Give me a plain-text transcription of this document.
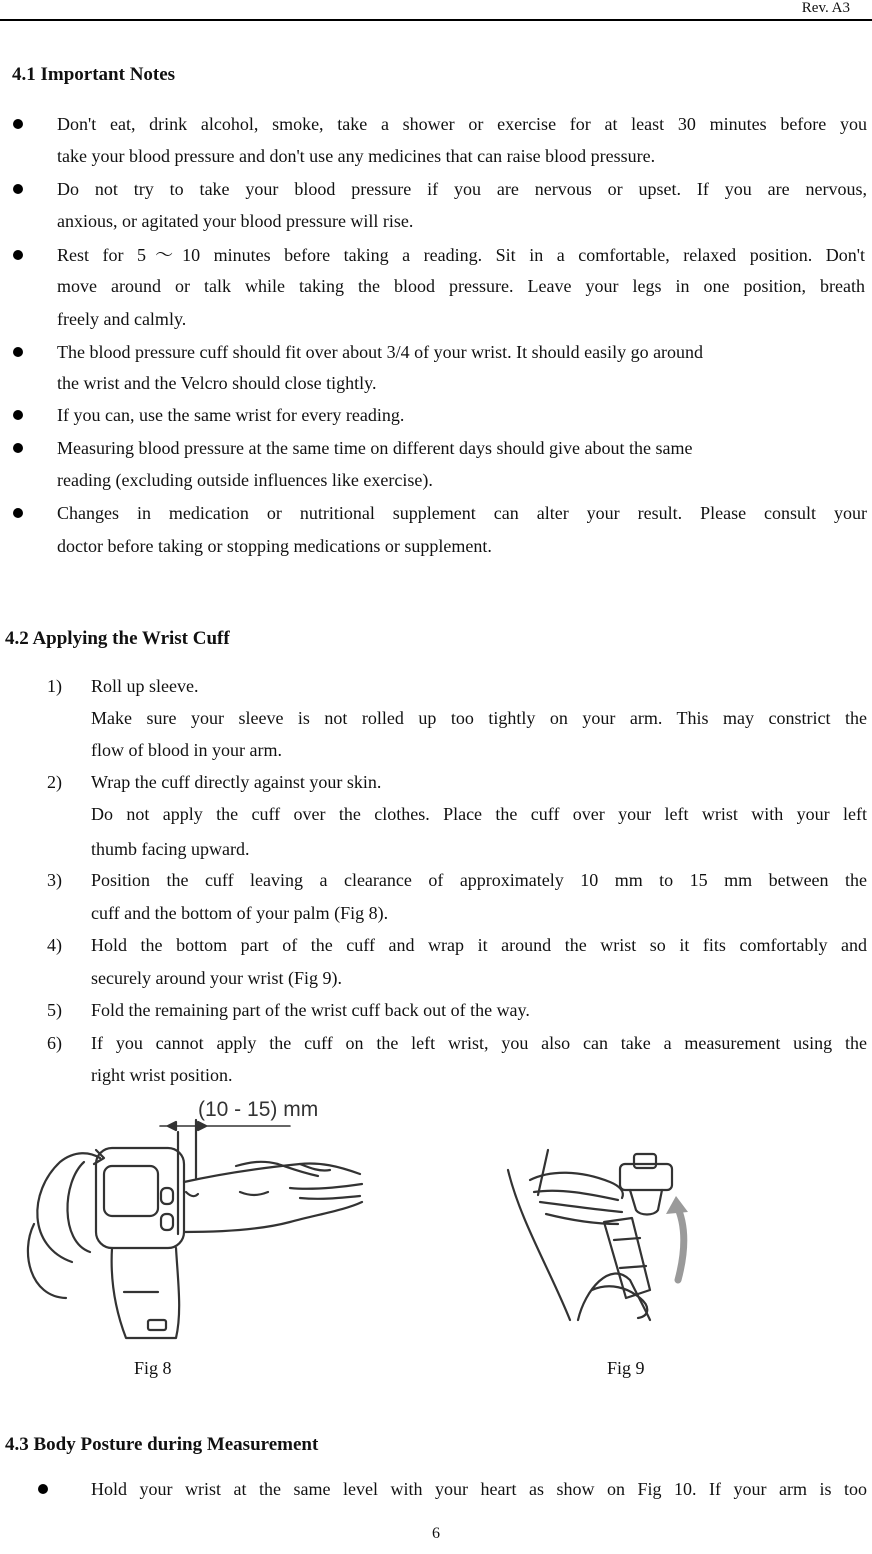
Rev. A3
4.1 Important Notes
Don't eat, drink alcohol, smoke, take a shower or exercise for at least 30 minutes before you
take your blood pressure and don't use any medicines that can raise blood pressure.
Do not try to take your blood pressure if you are nervous or upset. If you are nervous,
anxious, or agitated your blood pressure will rise.
Rest for 5～10 minutes before taking a reading. Sit in a comfortable, relaxed position. Don't
move around or talk while taking the blood pressure. Leave your legs in one position, breath
freely and calmly.
The blood pressure cuff should fit over about 3/4 of your wrist. It should easily go around
the wrist and the Velcro should close tightly.
If you can, use the same wrist for every reading.
Measuring blood pressure at the same time on different days should give about the same
reading (excluding outside influences like exercise).
Changes in medication or nutritional supplement can alter your result. Please consult your
doctor before taking or stopping medications or supplement.
4.2 Applying the Wrist Cuff
1) Roll up sleeve.
Make sure your sleeve is not rolled up too tightly on your arm. This may constrict the
flow of blood in your arm.
2) Wrap the cuff directly against your skin.
Do not apply the cuff over the clothes. Place the cuff over your left wrist with your left
thumb facing upward.
3) Position the cuff leaving a clearance of approximately 10 mm to 15 mm between the
cuff and the bottom of your palm (Fig 8).
4) Hold the bottom part of the cuff and wrap it around the wrist so it fits comfortably and
securely around your wrist (Fig 9).
5) Fold the remaining part of the wrist cuff back out of the way.
6) If you cannot apply the cuff on the left wrist, you also can take a measurement using the
right wrist position.
(10 - 15) mm
Fig 8	Fig 9
4.3 Body Posture during Measurement
Hold your wrist at the same level with your heart as show on Fig 10. If your arm is too
6
